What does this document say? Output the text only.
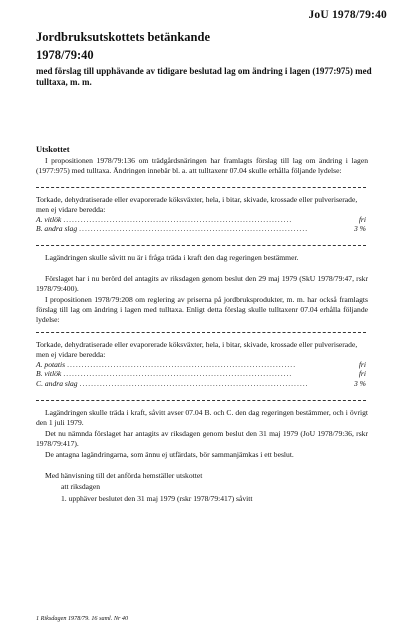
JoU 1978/79:40
Jordbruksutskottets betänkande
1978/79:40
med förslag till upphävande av tidigare beslutad lag om ändring i lagen (1977:975) med tulltaxa, m. m.
Utskottet
I propositionen 1978/79:136 om trädgårdsnäringen har framlagts förslag till lag om ändring i lagen (1977:975) med tulltaxa. Ändringen innebär bl. a. att tulltaxenr 07.04 skulle erhålla följande lydelse:
Torkade, dehydratiserade eller evaporerade köksväxter, hela, i bitar, skivade, krossade eller pulveriserade, men ej vidare beredda:
A. vitlök ...............................................................................	fri
B. andra slag ...............................................................................	3 %
Lagändringen skulle såvitt nu är i fråga träda i kraft den dag regeringen bestämmer.
Förslaget har i nu berörd del antagits av riksdagen genom beslut den 29 maj 1979 (SkU 1978/79:47, rskr 1978/79:400).
I propositionen 1978/79:208 om reglering av priserna på jordbruksprodukter, m. m. har också framlagts förslag till lag om ändring i lagen med tulltaxa. Enligt detta förslag skulle tulltaxenr 07.04 erhålla följande lydelse:
Torkade, dehydratiserade eller evaporerade köksväxter, hela, i bitar, skivade, krossade eller pulveriserade, men ej vidare beredda:
A. potatis ...............................................................................	fri
B. vitlök ...............................................................................	fri
C. andra slag ...............................................................................	3 %
Lagändringen skulle träda i kraft, såvitt avser 07.04 B. och C. den dag regeringen bestämmer, och i övrigt den 1 juli 1979.
Det nu nämnda förslaget har antagits av riksdagen genom beslut den 31 maj 1979 (JoU 1978/79:36, rskr 1978/79:417).
De antagna lagändringarna, som ännu ej utfärdats, bör sammanjämkas i ett beslut.
Med hänvisning till det anförda hemställer utskottet
att riksdagen
1. upphäver beslutet den 31 maj 1979 (rskr 1978/79:417) såvitt
1 Riksdagen 1978/79. 16 saml. Nr 40
